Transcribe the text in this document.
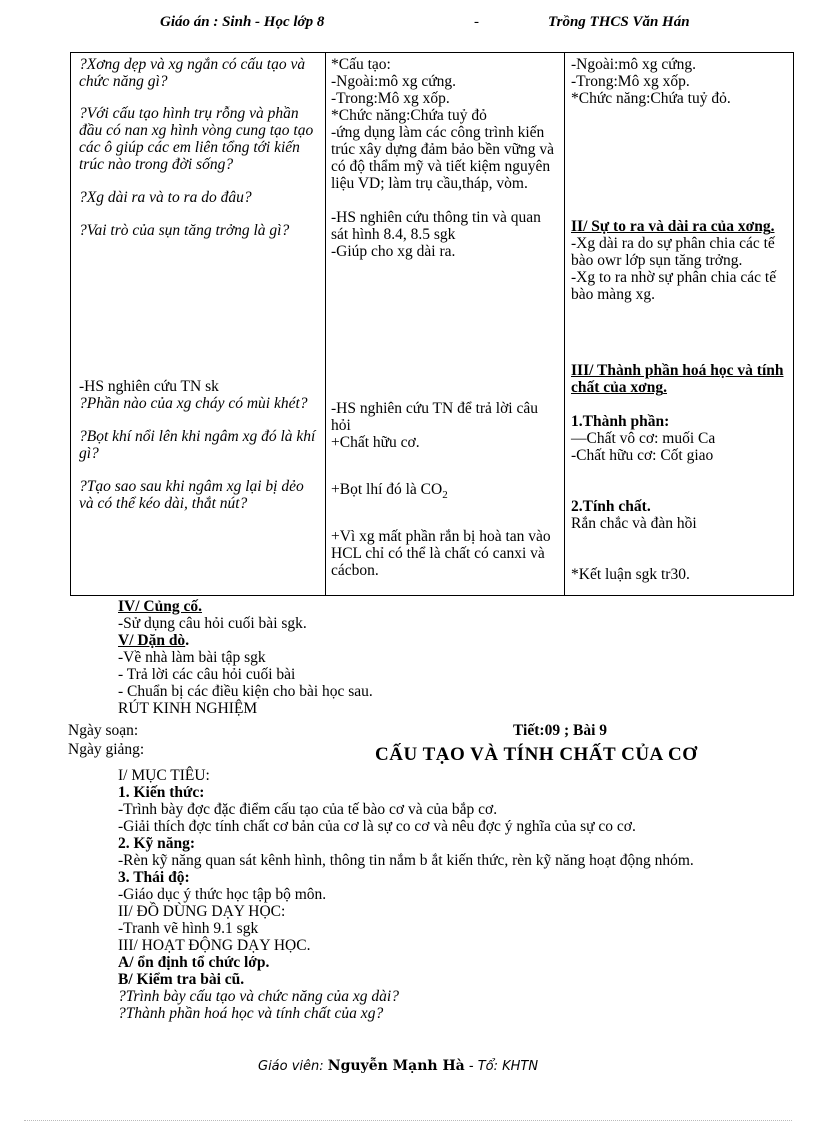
Giáo án : Sinh - Học lớp 8	-	Trồng THCS Văn Hán

?Xơng dẹp và xg ngắn có cấu tạo và chức năng gì?

?Với cấu tạo hình trụ rỗng và phần đầu có nan xg hình vòng cung tạo tạo các ô giúp các em liên tổng tới kiến trúc nào trong đời sống?

?Xg dài ra và to ra do đâu?

?Vai trò của sụn tăng trởng là gì?

-HS nghiên cứu TN sk

?Phần nào của xg cháy có mùi khét?

?Bọt khí nổi lên khi ngâm xg đó là khí gì?

?Tạo sao sau khi ngâm xg lại bị dẻo và có thể kéo dài, thắt nút?

*Cấu tạo:

-Ngoài:mô xg cứng.

-Trong:Mô xg xốp.

*Chức năng:Chứa tuỷ đỏ

-ứng dụng làm các công trình kiến trúc xây dựng đảm bảo bền vững và có độ thẩm mỹ và tiết kiệm nguyên liệu VD; làm trụ cầu,tháp, vòm.

-HS nghiên cứu thông tin và quan sát hình 8.4, 8.5 sgk

-Giúp cho xg dài ra.

-HS nghiên cứu TN để trả lời câu hỏi

+Chất hữu cơ.

+Bọt lhí đó là $CO_2$

+Vì xg mất phần rắn bị hoà tan vào HCL chỉ có thể là chất có canxi và cácbon.

-Ngoài:mô xg cứng.

-Trong:Mô xg xốp.

*Chức năng:Chứa tuỷ đỏ.

II/ Sự to ra và dài ra của xơng.

-Xg dài ra do sự phân chia các tế bào owr lớp sụn tăng trởng.

-Xg to ra nhờ sự phân chia các tế bào màng xg.

III/ Thành phần hoá học và tính chất của xơng.

1.Thành phần:

—Chất vô cơ: muối Ca

-Chất hữu cơ: Cốt giao

2.Tính chất.

Rắn chắc và đàn hồi

*Kết luận sgk tr30.

IV/ Củng cố.

-Sử dụng câu hỏi cuối bài sgk.

V/ Dặn dò.

-Về nhà làm bài tập sgk

- Trả lời các câu hỏi cuối bài

- Chuẩn bị các điều kiện cho bài học sau.

RÚT KINH NGHIỆM

Ngày soạn:
Ngày giảng:
Tiết:09 ; Bài 9
CẤU TẠO VÀ TÍNH CHẤT CỦA CƠ

I/ MỤC TIÊU:

1. Kiến thức:

-Trình bày đợc đặc điểm cấu tạo của tế bào cơ và của bắp cơ.

-Giải thích đợc tính chất cơ bản của cơ là sự co cơ và nêu đợc ý nghĩa của sự co cơ.

2. Kỹ năng:

-Rèn kỹ năng quan sát kênh hình, thông tin nắm b ắt kiến thức, rèn kỹ năng hoạt động nhóm.

3. Thái độ:

-Giáo dục ý thức học tập bộ môn.

II/ ĐỒ DÙNG DẠY HỌC:

-Tranh vẽ hình 9.1 sgk

III/ HOẠT ĐỘNG DẠY HỌC.

A/ ổn định tổ chức lớp.

B/ Kiểm tra bài cũ.

?Trình bày cấu tạo và chức năng của xg dài?

?Thành phần hoá học và tính chất của xg?

Giáo viên: Nguyễn Mạnh Hà - Tổ: KHTN
